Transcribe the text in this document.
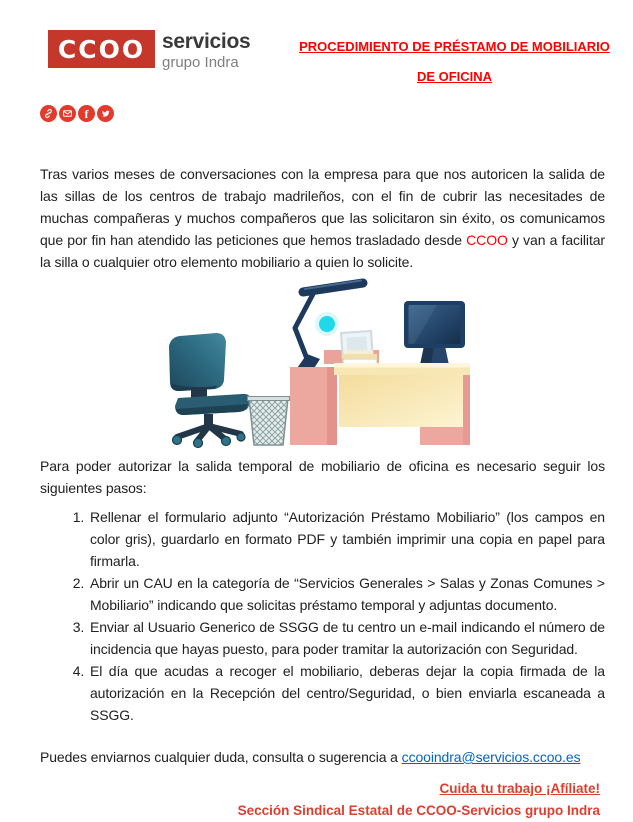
CCOO servicios
grupo Indra
PROCEDIMIENTO DE PRÉSTAMO DE MOBILIARIO
DE OFICINA
f

Tras varios meses de conversaciones con la empresa para que nos autoricen la salida de las sillas de los centros de trabajo madrileños, con el fin de cubrir las necesitades de muchas compañeras y muchos compañeros que las solicitaron sin éxito, os comunicamos que por fin han atendido las peticiones que hemos trasladado desde CCOO y van a facilitar la silla o cualquier otro elemento mobiliario a quien lo solicite.

Para poder autorizar la salida temporal de mobiliario de oficina es necesario seguir los siguientes pasos:

1. Rellenar el formulario adjunto “Autorización Préstamo Mobiliario” (los campos en color gris), guardarlo en formato PDF y también imprimir una copia en papel para firmarla.
2. Abrir un CAU en la categoría de “Servicios Generales > Salas y Zonas Comunes > Mobiliario” indicando que solicitas préstamo temporal y adjuntas documento.
3. Enviar al Usuario Generico de SSGG de tu centro un e-mail indicando el número de incidencia que hayas puesto, para poder tramitar la autorización con Seguridad.
4. El día que acudas a recoger el mobiliario, deberas dejar la copia firmada de la autorización en la Recepción del centro/Seguridad, o bien enviarla escaneada a SSGG.

Puedes enviarnos cualquier duda, consulta o sugerencia a ccooindra@servicios.ccoo.es

Cuida tu trabajo ¡Afíliate!
Sección Sindical Estatal de CCOO-Servicios grupo Indra
